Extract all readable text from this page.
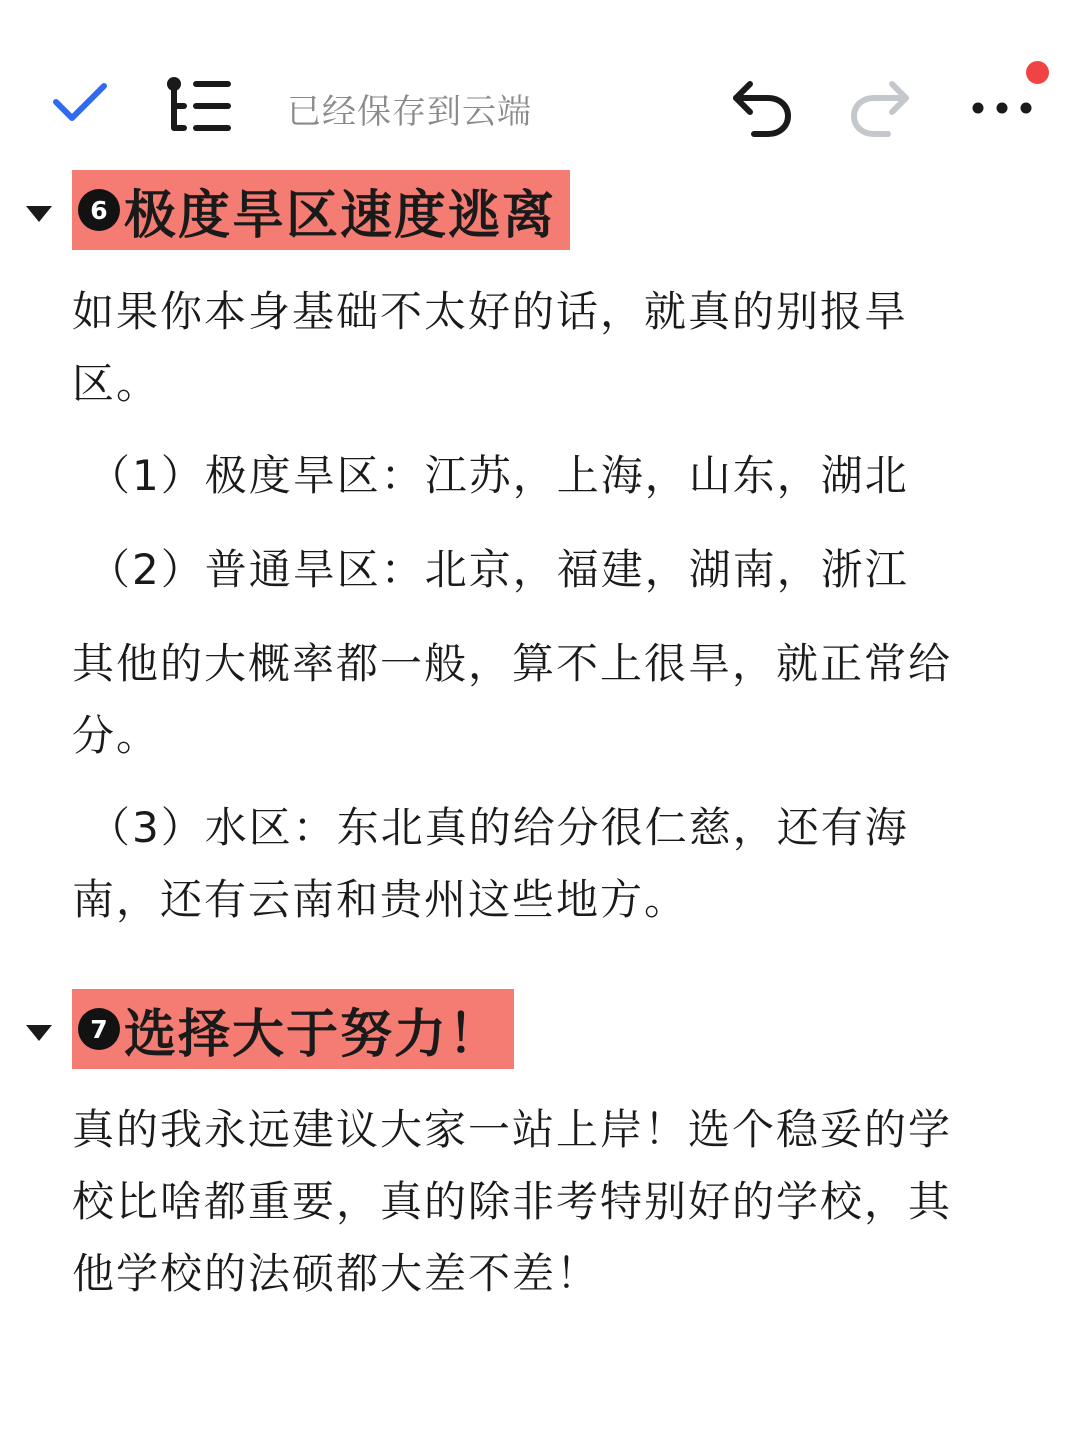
已经保存到云端
6 极度旱区速度逃离

如果你本身基础不太好的话，就真的别报旱区。

（1）极度旱区：江苏，上海，山东，湖北

（2）普通旱区：北京，福建，湖南，浙江

其他的大概率都一般，算不上很旱，就正常给分。

（3）水区：东北真的给分很仁慈，还有海南，还有云南和贵州这些地方。

7 选择大于努力！

真的我永远建议大家一站上岸！选个稳妥的学校比啥都重要，真的除非考特别好的学校，其他学校的法硕都大差不差！
